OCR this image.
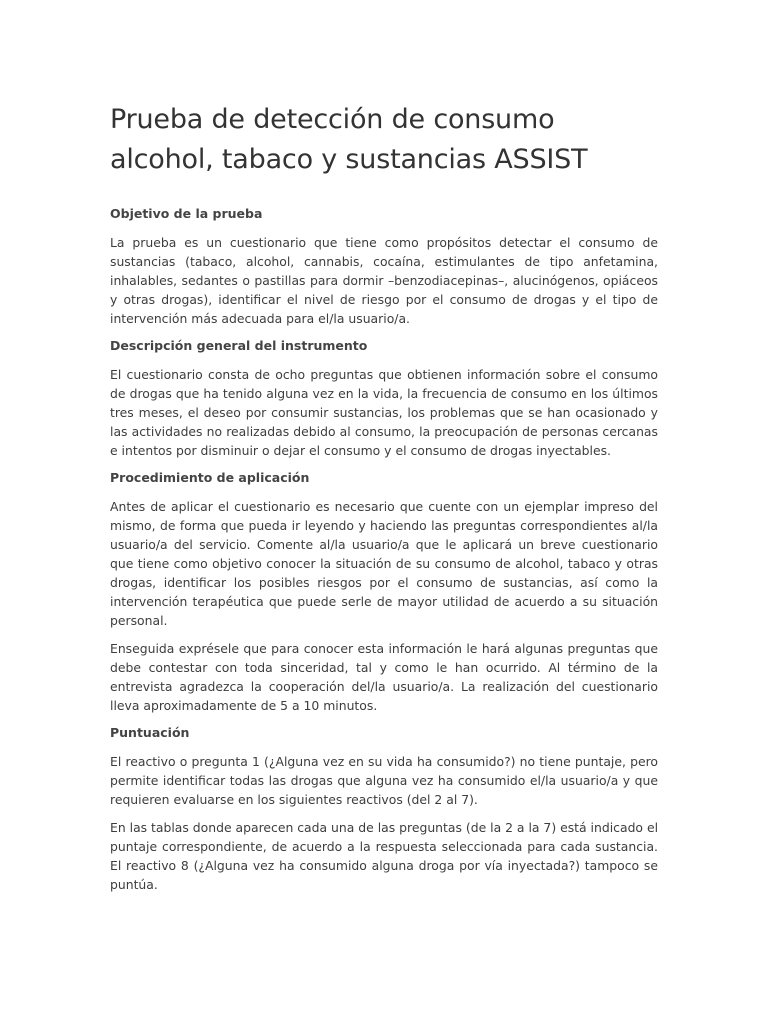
Prueba de detección de consumo alcohol, tabaco y sustancias ASSIST
Objetivo de la prueba

La prueba es un cuestionario que tiene como propósitos detectar el consumo de sustancias (tabaco, alcohol, cannabis, cocaína, estimulantes de tipo anfetamina, inhalables, sedantes o pastillas para dormir –benzodiacepinas–, alucinógenos, opiáceos y otras drogas), identificar el nivel de riesgo por el consumo de drogas y el tipo de intervención más adecuada para el/la usuario/a.

Descripción general del instrumento

El cuestionario consta de ocho preguntas que obtienen información sobre el consumo de drogas que ha tenido alguna vez en la vida, la frecuencia de consumo en los últimos tres meses, el deseo por consumir sustancias, los problemas que se han ocasionado y las actividades no realizadas debido al consumo, la preocupación de personas cercanas e intentos por disminuir o dejar el consumo y el consumo de drogas inyectables.

Procedimiento de aplicación

Antes de aplicar el cuestionario es necesario que cuente con un ejemplar impreso del mismo, de forma que pueda ir leyendo y haciendo las preguntas correspondientes al/la usuario/a del servicio. Comente al/la usuario/a que le aplicará un breve cuestionario que tiene como objetivo conocer la situación de su consumo de alcohol, tabaco y otras drogas, identificar los posibles riesgos por el consumo de sustancias, así como la intervención terapéutica que puede serle de mayor utilidad de acuerdo a su situación personal.

Enseguida exprésele que para conocer esta información le hará algunas preguntas que debe contestar con toda sinceridad, tal y como le han ocurrido. Al término de la entrevista agradezca la cooperación del/la usuario/a. La realización del cuestionario lleva aproximadamente de 5 a 10 minutos.

Puntuación

El reactivo o pregunta 1 (¿Alguna vez en su vida ha consumido?) no tiene puntaje, pero permite identificar todas las drogas que alguna vez ha consumido el/la usuario/a y que requieren evaluarse en los siguientes reactivos (del 2 al 7).

En las tablas donde aparecen cada una de las preguntas (de la 2 a la 7) está indicado el puntaje correspondiente, de acuerdo a la respuesta seleccionada para cada sustancia. El reactivo 8 (¿Alguna vez ha consumido alguna droga por vía inyectada?) tampoco se puntúa.
